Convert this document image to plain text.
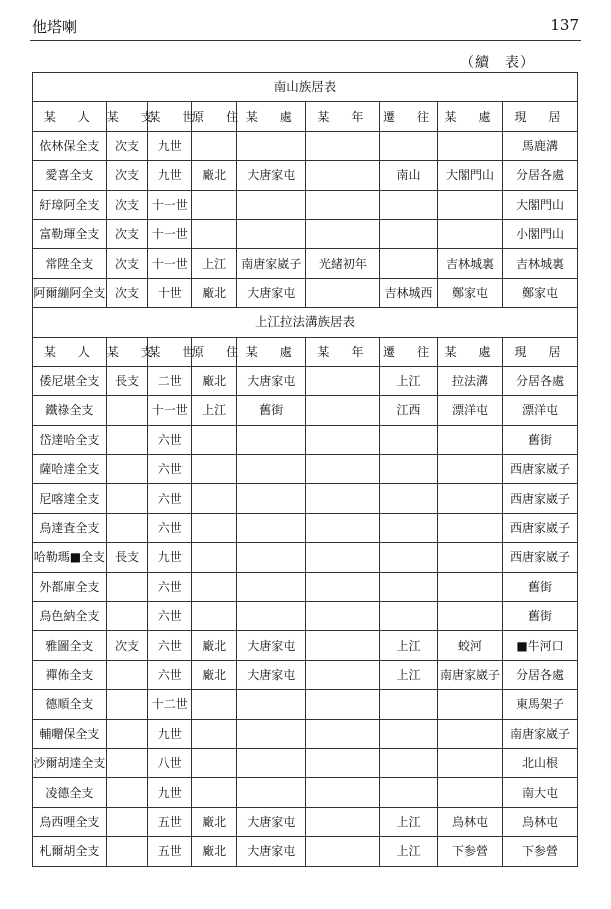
他塔喇	137
（續　表）
南山族居表								
某　人	某　支	某　世	原　住	某　處	某　年	遷　往	某　處	現　居
依林保全支	次支	九世						馬鹿溝
愛喜全支	次支	九世	廠北	大唐家屯		南山	大閣門山	分居各處
紆璋阿全支	次支	十一世						大閣門山
富勒琿全支	次支	十一世						小閣門山
常陞全支	次支	十一世	上江	南唐家崴子	光緒初年		吉林城裏	吉林城裏
阿爾繃阿全支	次支	十世	廠北	大唐家屯		吉林城西	鄭家屯	鄭家屯
上江拉法溝族居表								
某　人	某　支	某　世	原　住	某　處	某　年	遷　往	某　處	現　居
倭尼堪全支	長支	二世	廠北	大唐家屯		上江	拉法溝	分居各處
鐵祿全支		十一世	上江	舊街		江西	漂洋屯	漂洋屯
岱達哈全支		六世						舊街
薩哈達全支		六世						西唐家崴子
尼喀達全支		六世						西唐家崴子
烏達査全支		六世						西唐家崴子
哈勒瑪■全支	長支	九世						西唐家崴子
外都庫全支		六世						舊街
烏色納全支		六世						舊街
雅圖全支	次支	六世	廠北	大唐家屯		上江	蛟河	■牛河口
禪佈全支		六世	廠北	大唐家屯		上江	南唐家崴子	分居各處
德順全支		十二世						東馬架子
輔囎保全支		九世						南唐家崴子
沙爾胡達全支		八世						北山根
凌德全支		九世						南大屯
烏西哩全支		五世	廠北	大唐家屯		上江	烏林屯	烏林屯
札爾胡全支		五世	廠北	大唐家屯		上江	下参營	下参營
